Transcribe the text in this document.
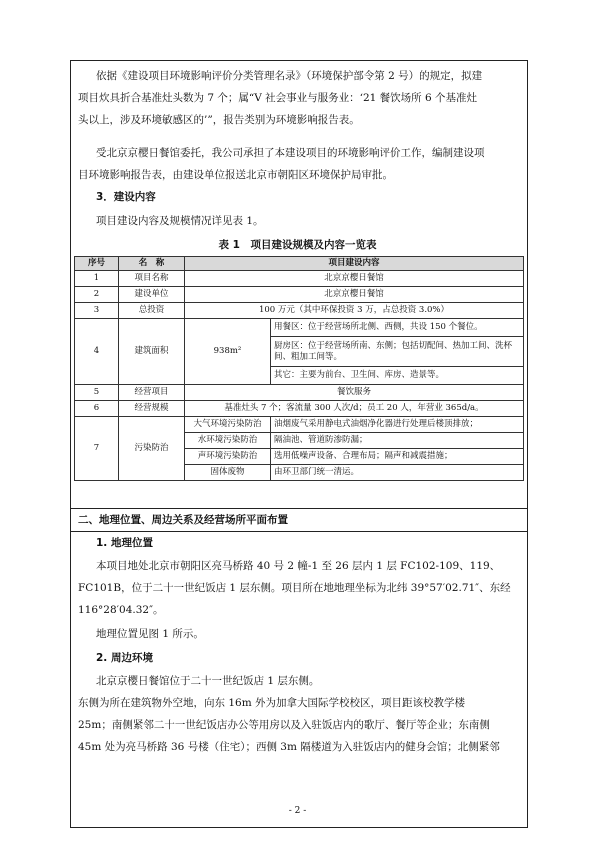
依据《建设项目环境影响评价分类管理名录》（环境保护部令第 2 号）的规定，拟建
项目炊具折合基准灶头数为 7 个；属“V 社会事业与服务业：‘21 餐饮场所 6 个基准灶
头以上，涉及环境敏感区的’”，报告类别为环境影响报告表。
受北京京樱日餐馆委托，我公司承担了本建设项目的环境影响评价工作，编制建设项
目环境影响报告表，由建设单位报送北京市朝阳区环境保护局审批。
3．建设内容
项目建设内容及规模情况详见表 1。
表 1　项目建设规模及内容一览表
序号	名　称	项目建设内容	
1	项目名称	北京京樱日餐馆	
2	建设单位	北京京樱日餐馆	
3	总投资	100 万元（其中环保投资 3 万，占总投资 3.0%）	
4	建筑面积	938m²	用餐区：位于经营场所北侧、西侧，共设 150 个餐位。
			厨房区：位于经营场所南、东侧；包括切配间、热加工间、洗杯间、粗加工间等。
			其它：主要为前台、卫生间、库房、造景等。
5	经营项目	餐饮服务	
6	经营规模	基准灶头 7 个；客流量 300 人次/d；员工 20 人，年营业 365d/a。	
7	污染防治	大气环境污染防治	油烟废气采用静电式油烟净化器进行处理后楼顶排放；
		水环境污染防治	隔油池、管道防渗防漏；
		声环境污染防治	选用低噪声设备、合理布局；隔声和减震措施；
		固体废物	由环卫部门统一清运。
二、地理位置、周边关系及经营场所平面布置
1. 地理位置
本项目地处北京市朝阳区亮马桥路 40 号 2 幢-1 至 26 层内 1 层 FC102-109、119、
FC101B，位于二十一世纪饭店 1 层东侧。项目所在地地理坐标为北纬 39°57′02.71″、东经
116°28′04.32″。
地理位置见图 1 所示。
2. 周边环境
北京京樱日餐馆位于二十一世纪饭店 1 层东侧。
东侧为所在建筑物外空地，向东 16m 外为加拿大国际学校校区，项目距该校教学楼
25m；南侧紧邻二十一世纪饭店办公等用房以及入驻饭店内的歌厅、餐厅等企业；东南侧
45m 处为亮马桥路 36 号楼（住宅）；西侧 3m 隔楼道为入驻饭店内的健身会馆；北侧紧邻
- 2 -
